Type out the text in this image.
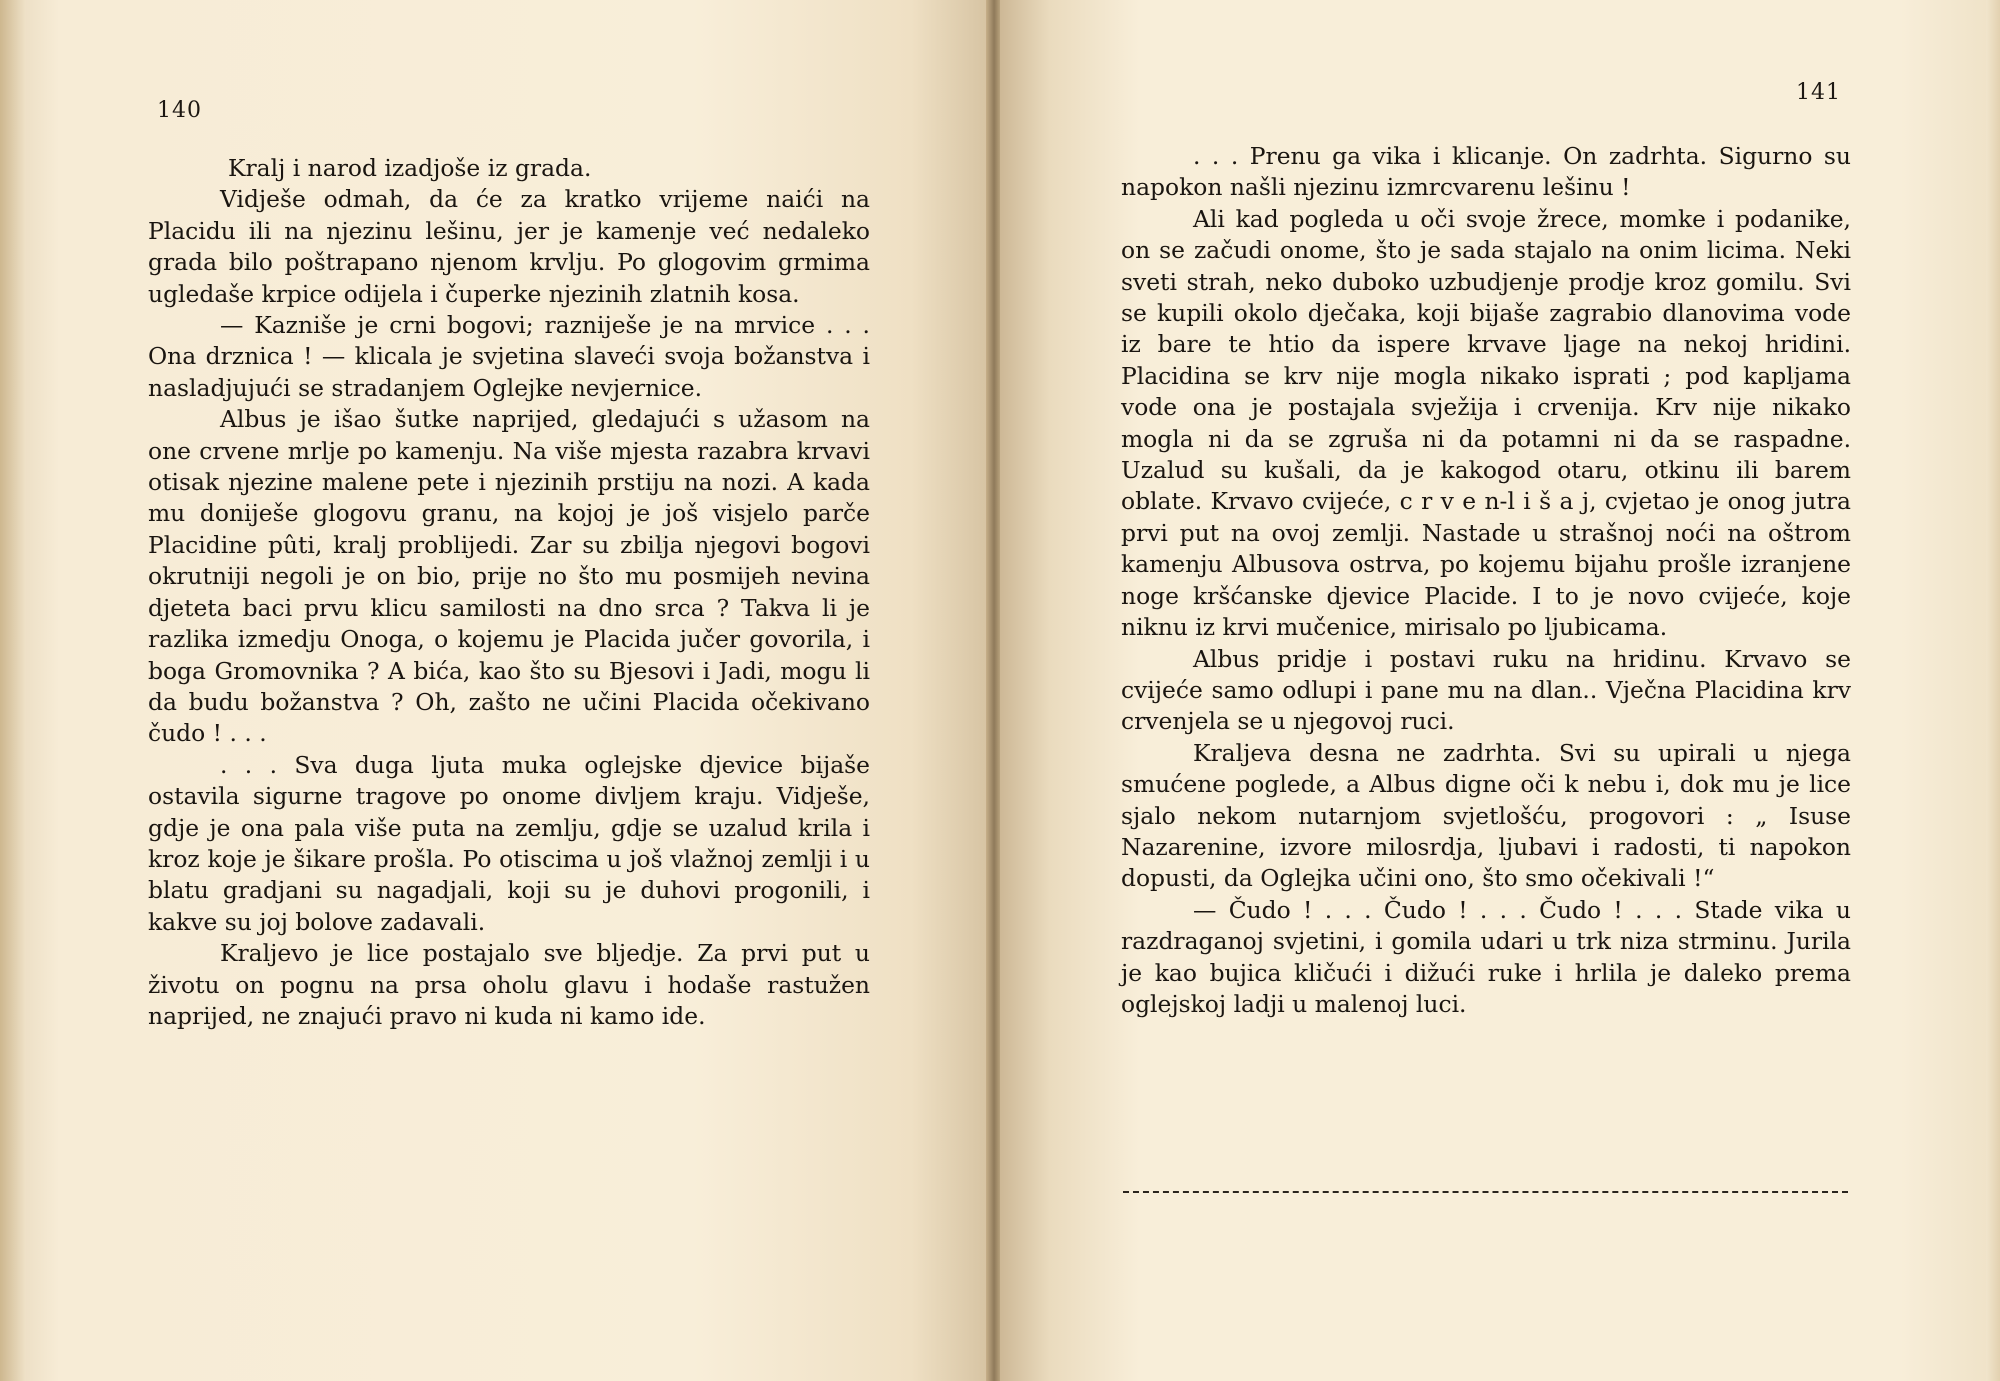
140

Kralj i narod izadjoše iz grada.

Vidješe odmah, da će za kratko vrijeme naići na Placidu ili na njezinu lešinu, jer je kamenje već nedaleko grada bilo poštrapano njenom krvlju. Po glogovim grmima ugledaše krpice odijela i čuperke njezinih zlatnih kosa.

— Kazniše je crni bogovi; razniješe je na mrvice . . . Ona drznica ! — klicala je svjetina slaveći svoja božanstva i nasladjujući se stradanjem Oglejke nevjernice.

Albus je išao šutke naprijed, gledajući s užasom na one crvene mrlje po kamenju. Na više mjesta razabra krvavi otisak njezine malene pete i njezinih prstiju na nozi. A kada mu doniješe glogovu granu, na kojoj je još visjelo parče Placidine pûti, kralj problijedi. Zar su zbilja njegovi bogovi okrutniji negoli je on bio, prije no što mu posmijeh nevina djeteta baci prvu klicu samilosti na dno srca ? Takva li je razlika izmedju Onoga, o kojemu je Placida jučer govorila, i boga Gromovnika ? A bića, kao što su Bjesovi i Jadi, mogu li da budu božanstva ? Oh, zašto ne učini Placida očekivano čudo ! . . .

. . . Sva duga ljuta muka oglejske djevice bijaše ostavila sigurne tragove po onome divljem kraju. Vidješe, gdje je ona pala više puta na zemlju, gdje se uzalud krila i kroz koje je šikare prošla. Po otiscima u još vlažnoj zemlji i u blatu gradjani su nagadjali, koji su je duhovi progonili, i kakve su joj bolove zadavali.

Kraljevo je lice postajalo sve bljedje. Za prvi put u životu on pognu na prsa oholu glavu i hodaše rastužen naprijed, ne znajući pravo ni kuda ni kamo ide.

141

. . . Prenu ga vika i klicanje. On zadrhta. Sigurno su napokon našli njezinu izmrcvarenu lešinu !

Ali kad pogleda u oči svoje žrece, momke i podanike, on se začudi onome, što je sada stajalo na onim licima. Neki sveti strah, neko duboko uzbudjenje prodje kroz gomilu. Svi se kupili okolo dječaka, koji bijaše zagrabio dlanovima vode iz bare te htio da ispere krvave ljage na nekoj hridini. Placidina se krv nije mogla nikako isprati ; pod kapljama vode ona je postajala svježija i crvenija. Krv nije nikako mogla ni da se zgruša ni da potamni ni da se raspadne. Uzalud su kušali, da je kakogod otaru, otkinu ili barem oblate. Krvavo cvijeće, c r v e n-l i š a j, cvjetao je onog jutra prvi put na ovoj zemlji. Nastade u strašnoj noći na oštrom kamenju Albusova ostrva, po kojemu bijahu prošle izranjene noge kršćanske djevice Placide. I to je novo cvijeće, koje niknu iz krvi mučenice, mirisalo po ljubicama.

Albus pridje i postavi ruku na hridinu. Krvavo se cvijeće samo odlupi i pane mu na dlan.. Vječna Placidina krv crvenjela se u njegovoj ruci.

Kraljeva desna ne zadrhta. Svi su upirali u njega smućene poglede, a Albus digne oči k nebu i, dok mu je lice sjalo nekom nutarnjom svjetlošću, progovori : „ Isuse Nazarenine, izvore milosrdja, ljubavi i radosti, ti napokon dopusti, da Oglejka učini ono, što smo očekivali !“

— Čudo ! . . . Čudo ! . . . Čudo ! . . . Stade vika u razdraganoj svjetini, i gomila udari u trk niza strminu. Jurila je kao bujica kličući i dižući ruke i hrlila je daleko prema oglejskoj ladji u malenoj luci.
